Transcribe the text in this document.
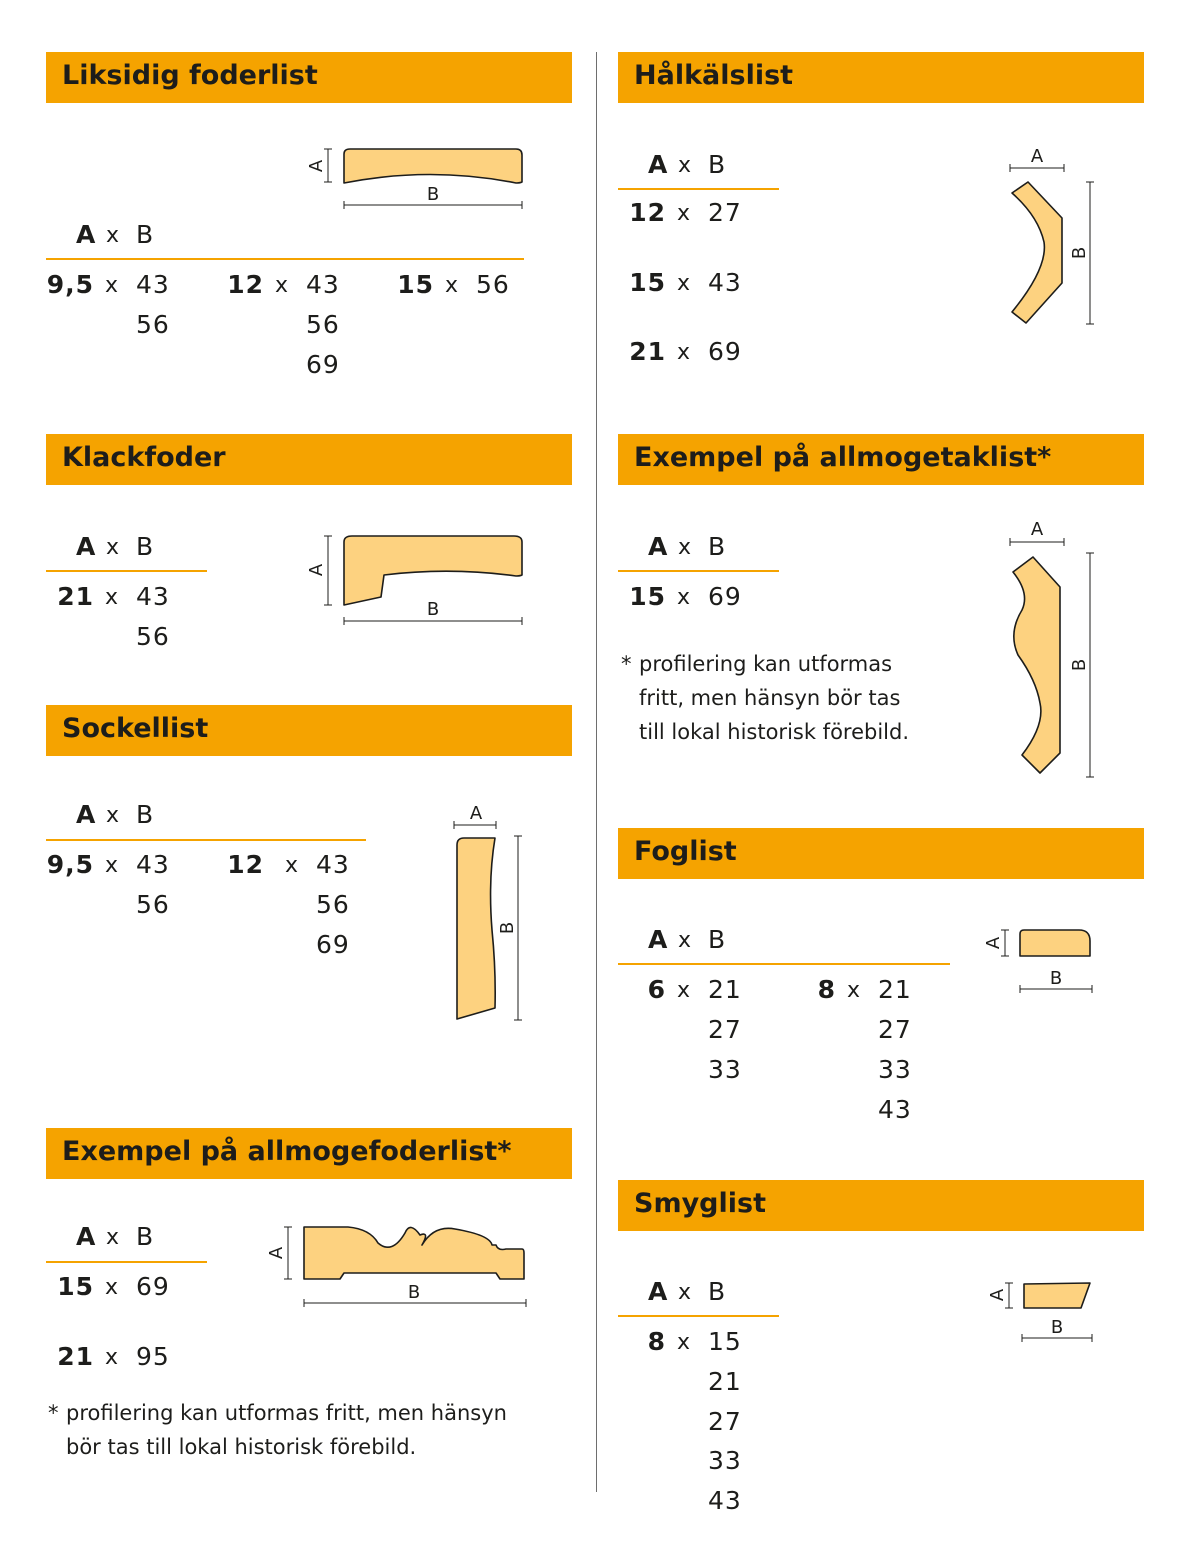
Liksidig foderlist
A
B
A x B
9,5 x 43
56
12 x 43
56
69
15 x 56
Klackfoder
A x B
21 x 43
56
A
B
Sockellist
A x B
9,5 x 43
56
12 x 43
56
69
A
B
Exempel på allmogefoderlist*
A x B
15 x 69
21 x 95
A
B
* profilering kan utformas fritt, men hänsyn
bör tas till lokal historisk förebild.
Hålkälslist
A x B
12 x 27
15 x 43
21 x 69
A
B
Exempel på allmogetaklist*
A x B
15 x 69
* profilering kan utformas
fritt, men hänsyn bör tas
till lokal historisk förebild.
A
B
Foglist
A x B
6 x 21
27
33
8 x 21
27
33
43
A
B
Smyglist
A x B
8 x 15
21
27
33
43
A
B
